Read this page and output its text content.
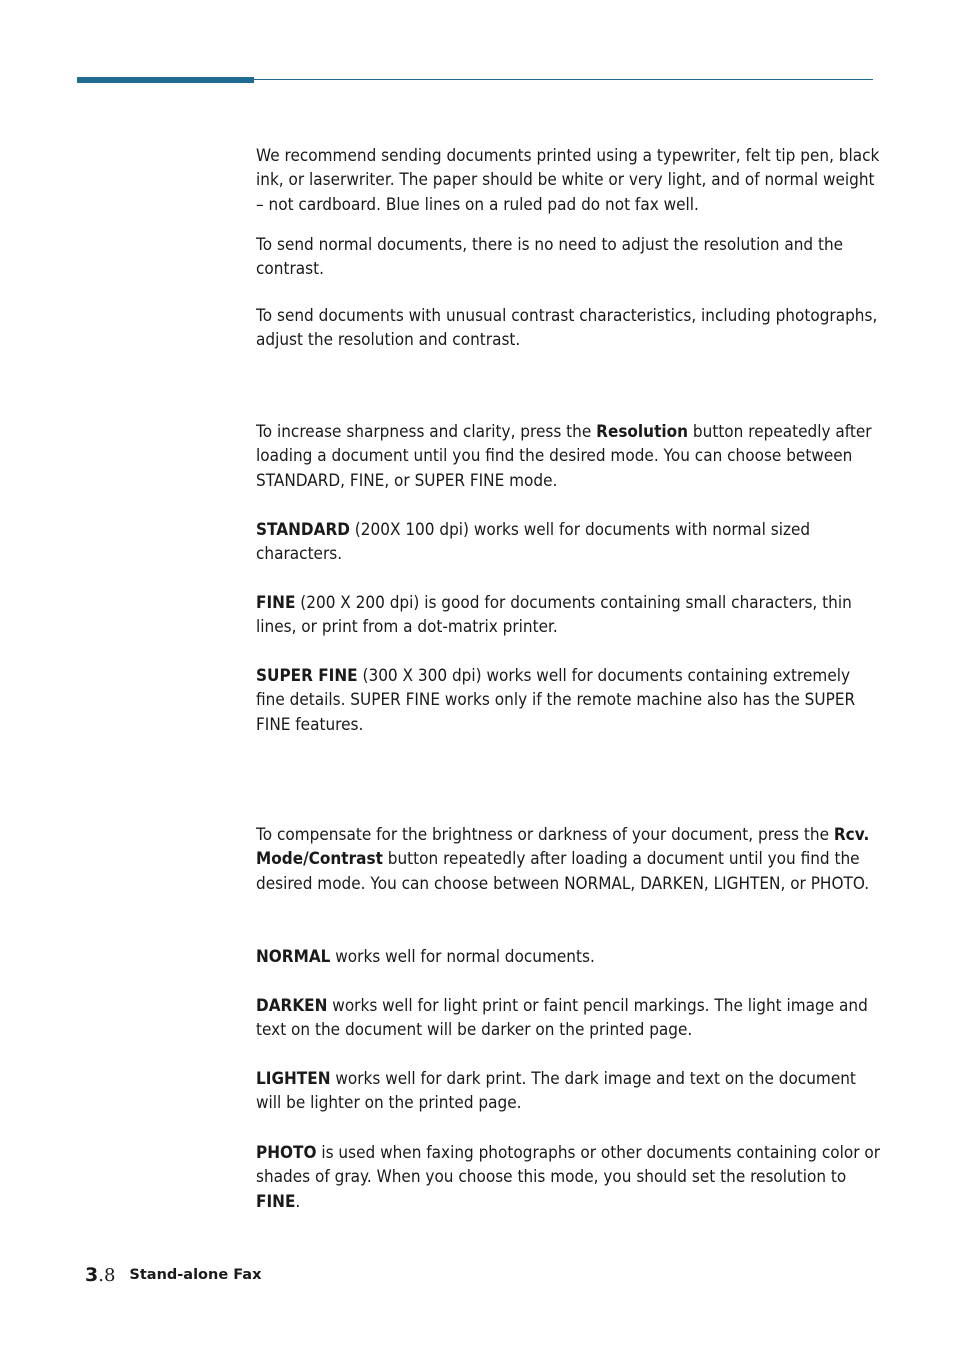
We recommend sending documents printed using a typewriter, felt tip pen, black ink, or laserwriter. The paper should be white or very light, and of normal weight – not cardboard. Blue lines on a ruled pad do not fax well.

To send normal documents, there is no need to adjust the resolution and the contrast.

To send documents with unusual contrast characteristics, including photographs, adjust the resolution and contrast.

To increase sharpness and clarity, press the Resolution button repeatedly after loading a document until you find the desired mode. You can choose between STANDARD, FINE, or SUPER FINE mode.

STANDARD (200X 100 dpi) works well for documents with normal sized characters.

FINE (200 X 200 dpi) is good for documents containing small characters, thin lines, or print from a dot-matrix printer.

SUPER FINE (300 X 300 dpi) works well for documents containing extremely fine details. SUPER FINE works only if the remote machine also has the SUPER FINE features.

To compensate for the brightness or darkness of your document, press the Rcv. Mode/Contrast button repeatedly after loading a document until you find the desired mode. You can choose between NORMAL, DARKEN, LIGHTEN, or PHOTO.

NORMAL works well for normal documents.

DARKEN works well for light print or faint pencil markings. The light image and text on the document will be darker on the printed page.

LIGHTEN works well for dark print. The dark image and text on the document will be lighter on the printed page.

PHOTO is used when faxing photographs or other documents containing color or shades of gray. When you choose this mode, you should set the resolution to FINE.

3.8 Stand-alone Fax
